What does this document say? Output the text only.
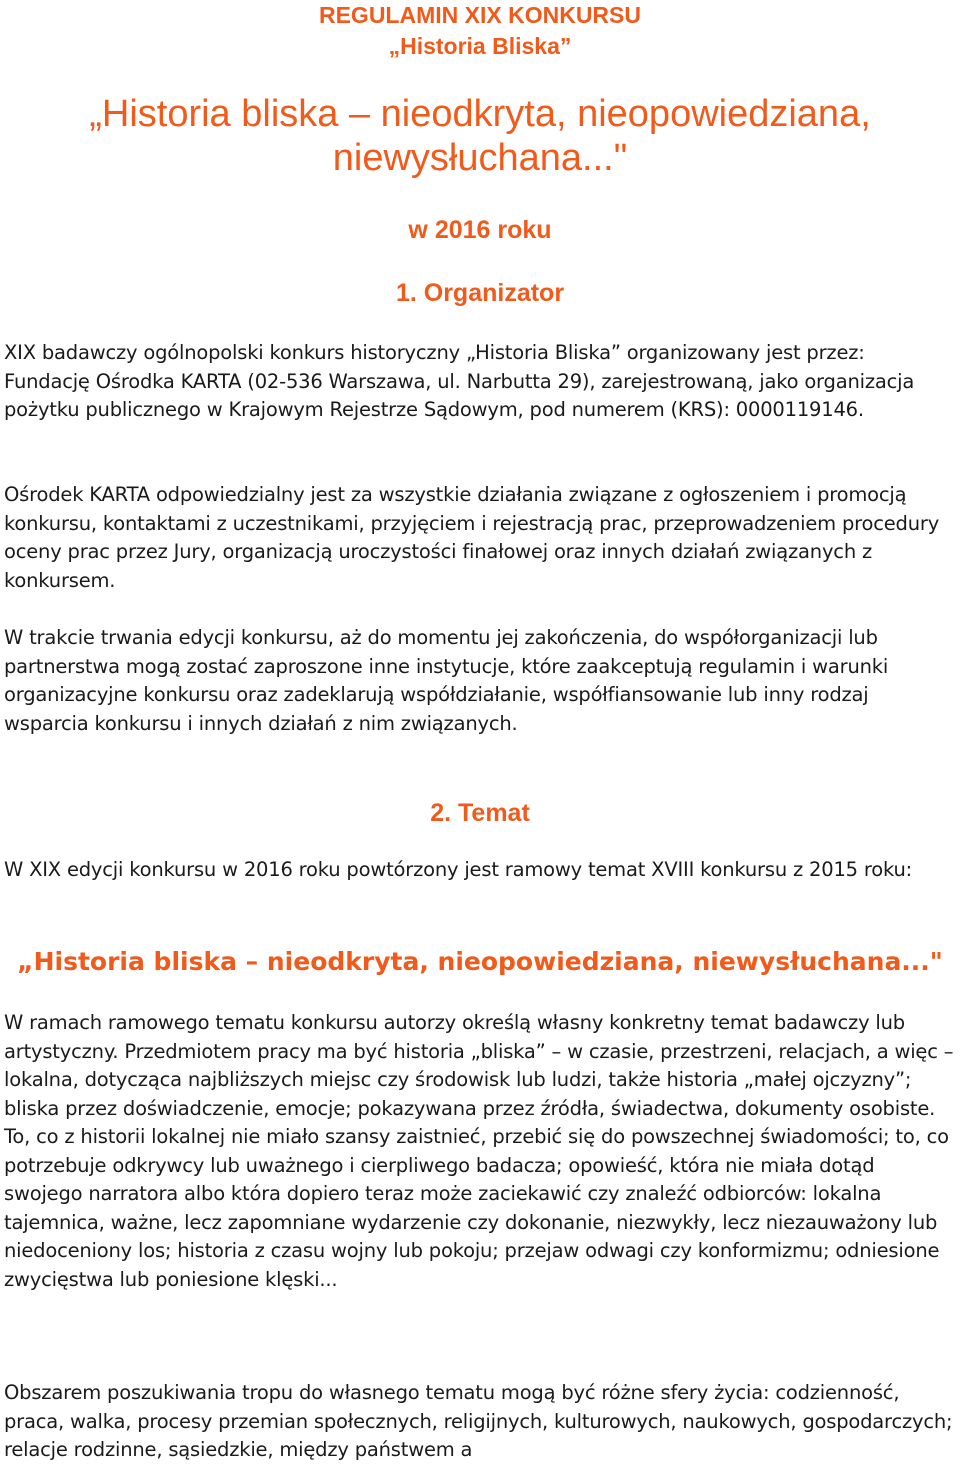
REGULAMIN XIX KONKURSU
„Historia Bliska”
„Historia bliska – nieodkryta, nieopowiedziana,
niewysłuchana..."
w 2016 roku
1. Organizator

XIX badawczy ogólnopolski konkurs historyczny „Historia Bliska” organizowany jest przez: Fundację Ośrodka KARTA (02-536 Warszawa, ul. Narbutta 29), zarejestrowaną, jako organizacja pożytku publicznego w Krajowym Rejestrze Sądowym, pod numerem (KRS): 0000119146.

Ośrodek KARTA odpowiedzialny jest za wszystkie działania związane z ogłoszeniem i promocją konkursu, kontaktami z uczestnikami, przyjęciem i rejestracją prac, przeprowadzeniem procedury oceny prac przez Jury, organizacją uroczystości finałowej oraz innych działań związanych z konkursem.

W trakcie trwania edycji konkursu, aż do momentu jej zakończenia, do współorganizacji lub partnerstwa mogą zostać zaproszone inne instytucje, które zaakceptują regulamin i warunki organizacyjne konkursu oraz zadeklarują współdziałanie, współfiansowanie lub inny rodzaj wsparcia konkursu i innych działań z nim związanych.

2. Temat

W XIX edycji konkursu w 2016 roku powtórzony jest ramowy temat XVIII konkursu z 2015 roku:

„Historia bliska – nieodkryta, nieopowiedziana, niewysłuchana..."

W ramach ramowego tematu konkursu autorzy określą własny konkretny temat badawczy lub artystyczny. Przedmiotem pracy ma być historia „bliska” – w czasie, przestrzeni, relacjach, a więc – lokalna, dotycząca najbliższych miejsc czy środowisk lub ludzi, także historia „małej ojczyzny”; bliska przez doświadczenie, emocje; pokazywana przez źródła, świadectwa, dokumenty osobiste. To, co z historii lokalnej nie miało szansy zaistnieć, przebić się do powszechnej świadomości; to, co potrzebuje odkrywcy lub uważnego i cierpliwego badacza; opowieść, która nie miała dotąd swojego narratora albo która dopiero teraz może zaciekawić czy znaleźć odbiorców: lokalna tajemnica, ważne, lecz zapomniane wydarzenie czy dokonanie, niezwykły, lecz niezauważony lub niedoceniony los; historia z czasu wojny lub pokoju; przejaw odwagi czy konformizmu; odniesione zwycięstwa lub poniesione klęski...

Obszarem poszukiwania tropu do własnego tematu mogą być różne sfery życia: codzienność, praca, walka, procesy przemian społecznych, religijnych, kulturowych, naukowych, gospodarczych; relacje rodzinne, sąsiedzkie, między państwem a
